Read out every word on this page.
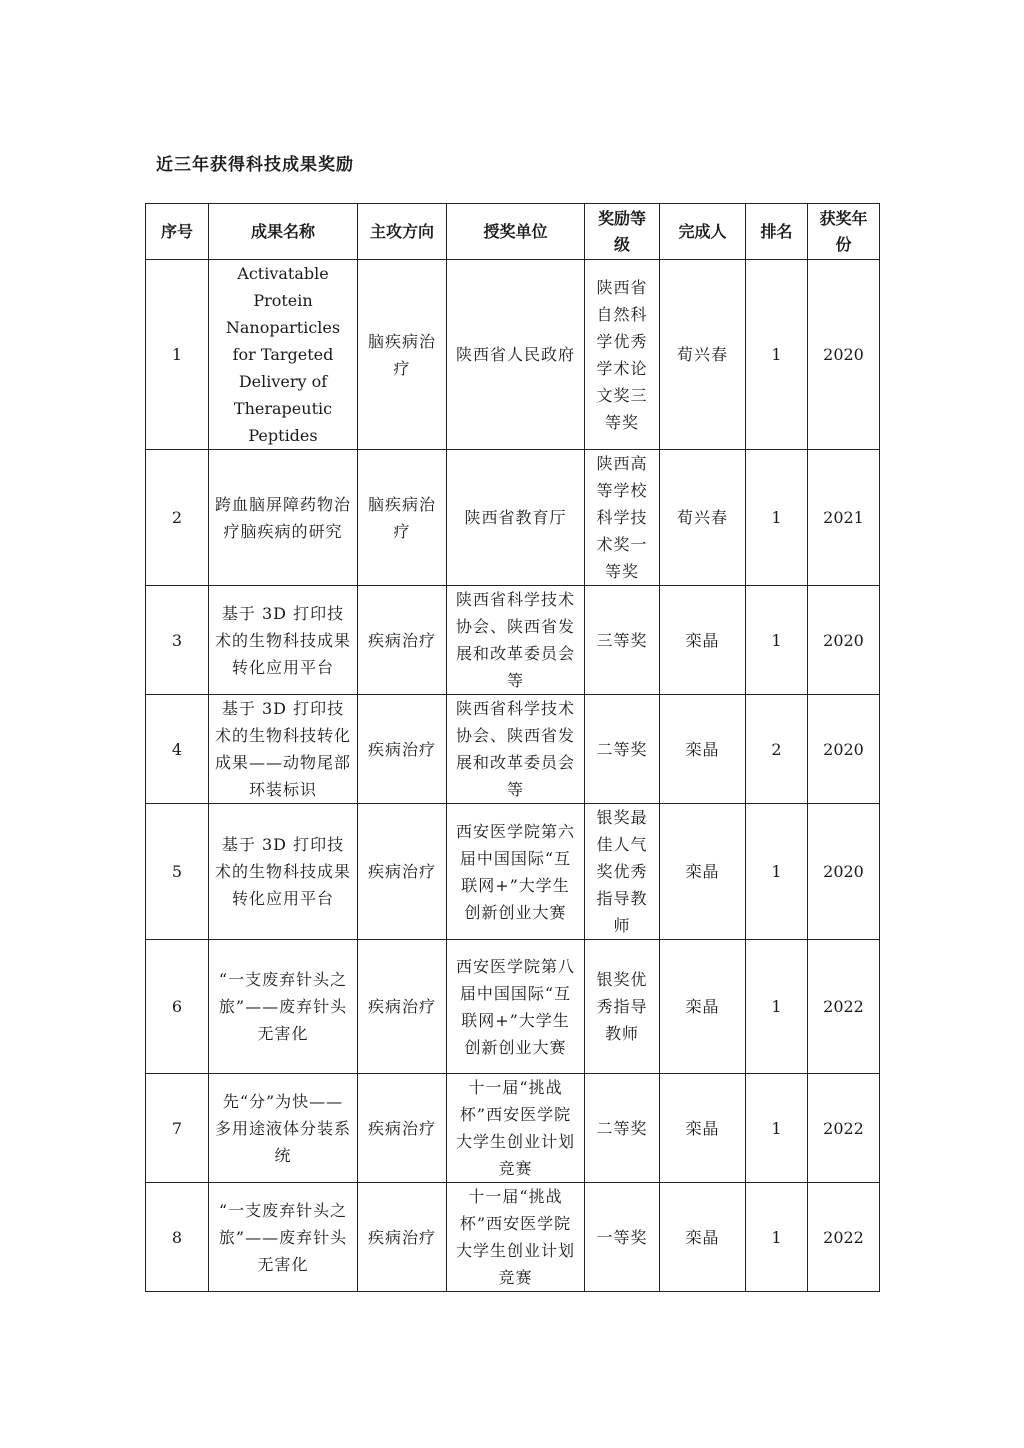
近三年获得科技成果奖励
序号	成果名称	主攻方向	授奖单位	奖励等级	完成人	排名	获奖年份
1	Activatable Protein Nanoparticles for Targeted Delivery of Therapeutic Peptides	脑疾病治疗	陕西省人民政府	陕西省自然科学优秀学术论文奖三等奖	荀兴春	1	2020
2	跨血脑屏障药物治疗脑疾病的研究	脑疾病治疗	陕西省教育厅	陕西高等学校科学技术奖一等奖	荀兴春	1	2021
3	基于 3D 打印技术的生物科技成果转化应用平台	疾病治疗	陕西省科学技术协会、陕西省发展和改革委员会等	三等奖	栾晶	1	2020
4	基于 3D 打印技术的生物科技转化成果——动物尾部环装标识	疾病治疗	陕西省科学技术协会、陕西省发展和改革委员会等	二等奖	栾晶	2	2020
5	基于 3D 打印技术的生物科技成果转化应用平台	疾病治疗	西安医学院第六届中国国际“互联网+”大学生创新创业大赛	银奖最佳人气奖优秀指导教师	栾晶	1	2020
6	“一支废弃针头之旅”——废弃针头无害化	疾病治疗	西安医学院第八届中国国际“互联网+”大学生创新创业大赛	银奖优秀指导教师	栾晶	1	2022
7	先“分”为快——多用途液体分装系统	疾病治疗	十一届“挑战杯”西安医学院大学生创业计划竞赛	二等奖	栾晶	1	2022
8	“一支废弃针头之旅”——废弃针头无害化	疾病治疗	十一届“挑战杯”西安医学院大学生创业计划竞赛	一等奖	栾晶	1	2022
